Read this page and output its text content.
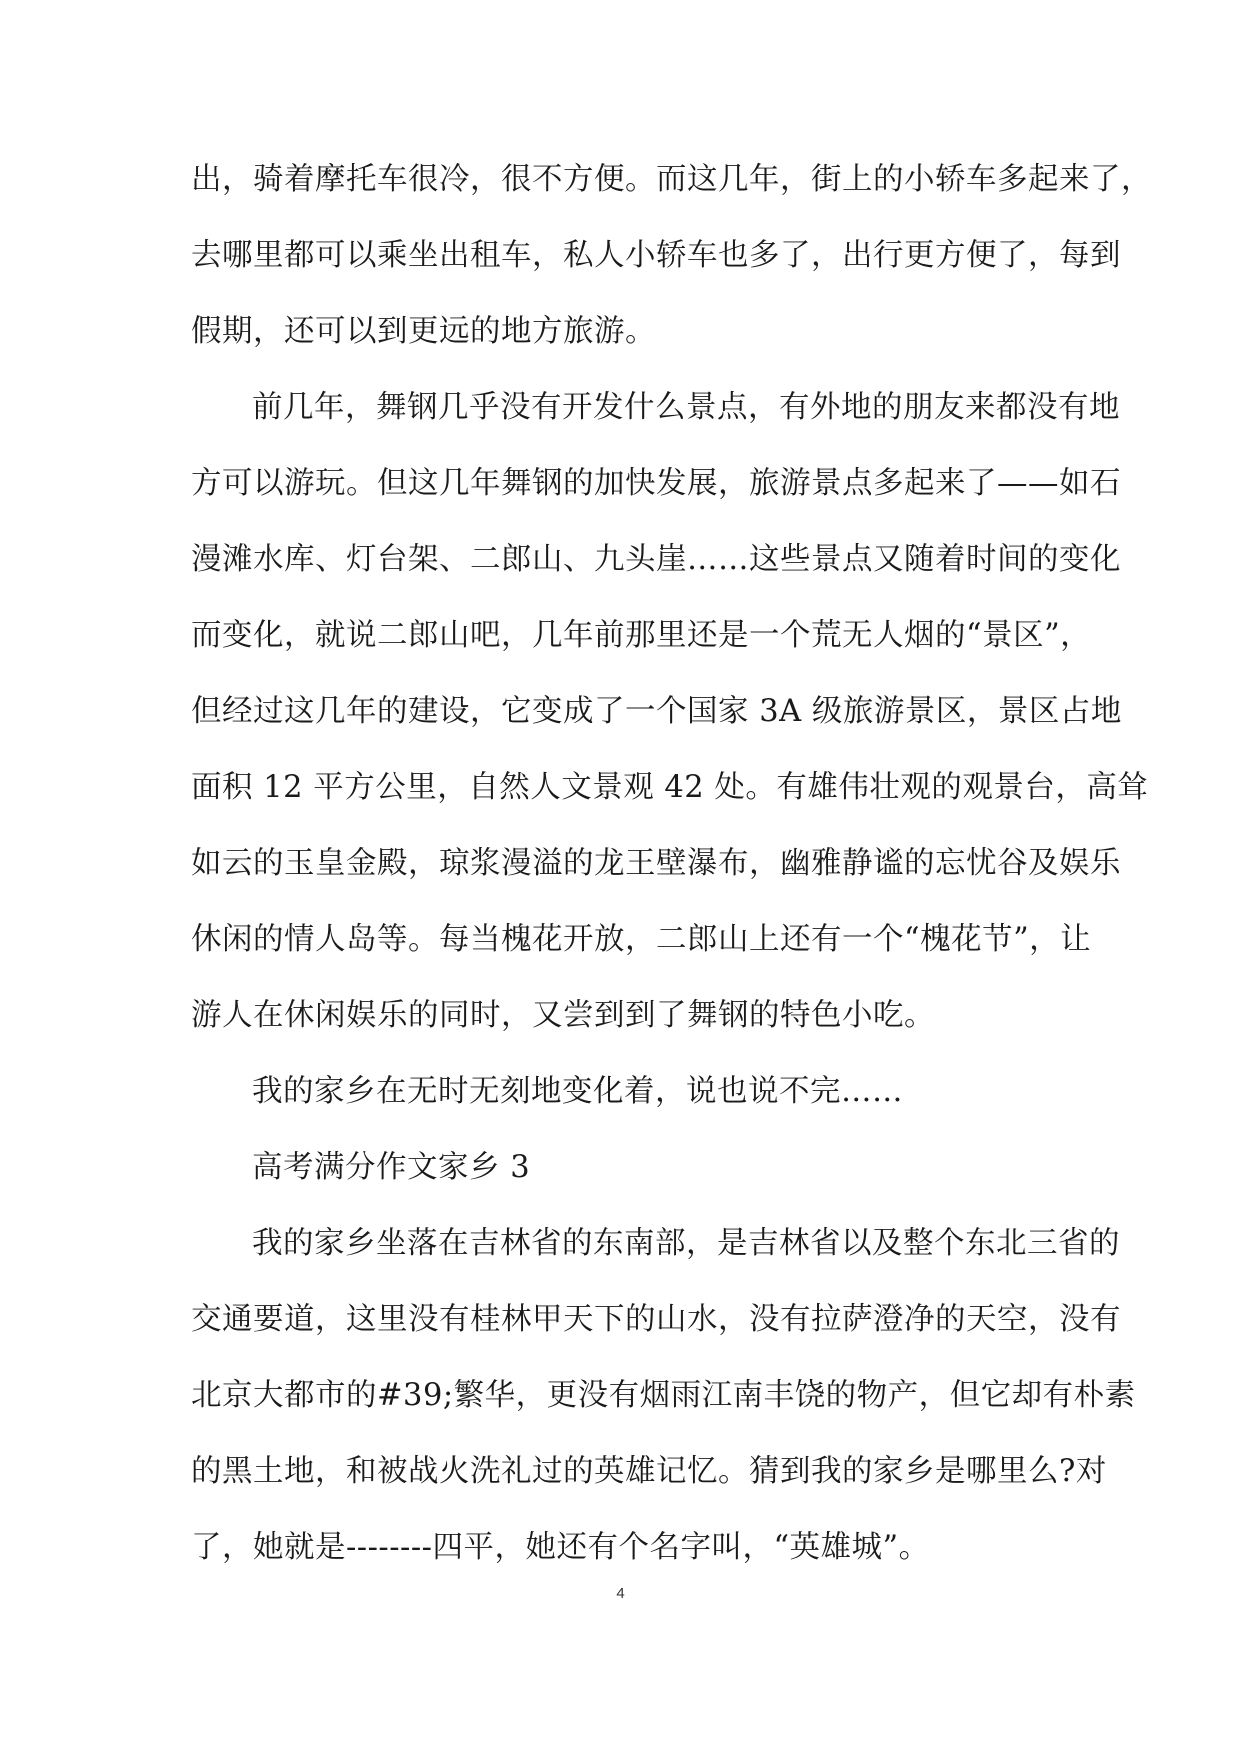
出，骑着摩托车很冷，很不方便。而这几年，街上的小轿车多起来了，
去哪里都可以乘坐出租车，私人小轿车也多了，出行更方便了，每到
假期，还可以到更远的地方旅游。
前几年，舞钢几乎没有开发什么景点，有外地的朋友来都没有地
方可以游玩。但这几年舞钢的加快发展，旅游景点多起来了——如石
漫滩水库、灯台架、二郎山、九头崖……这些景点又随着时间的变化
而变化，就说二郎山吧，几年前那里还是一个荒无人烟的“景区”，
但经过这几年的建设，它变成了一个国家 3A 级旅游景区，景区占地
面积 12 平方公里，自然人文景观 42 处。有雄伟壮观的观景台，高耸
如云的玉皇金殿，琼浆漫溢的龙王壁瀑布，幽雅静谧的忘忧谷及娱乐
休闲的情人岛等。每当槐花开放，二郎山上还有一个“槐花节”，让
游人在休闲娱乐的同时，又尝到到了舞钢的特色小吃。
我的家乡在无时无刻地变化着，说也说不完……
高考满分作文家乡 3
我的家乡坐落在吉林省的东南部，是吉林省以及整个东北三省的
交通要道，这里没有桂林甲天下的山水，没有拉萨澄净的天空，没有
北京大都市的#39;繁华，更没有烟雨江南丰饶的物产，但它却有朴素
的黑土地，和被战火洗礼过的英雄记忆。猜到我的家乡是哪里么?对
了，她就是--------四平，她还有个名字叫，“英雄城”。
4
